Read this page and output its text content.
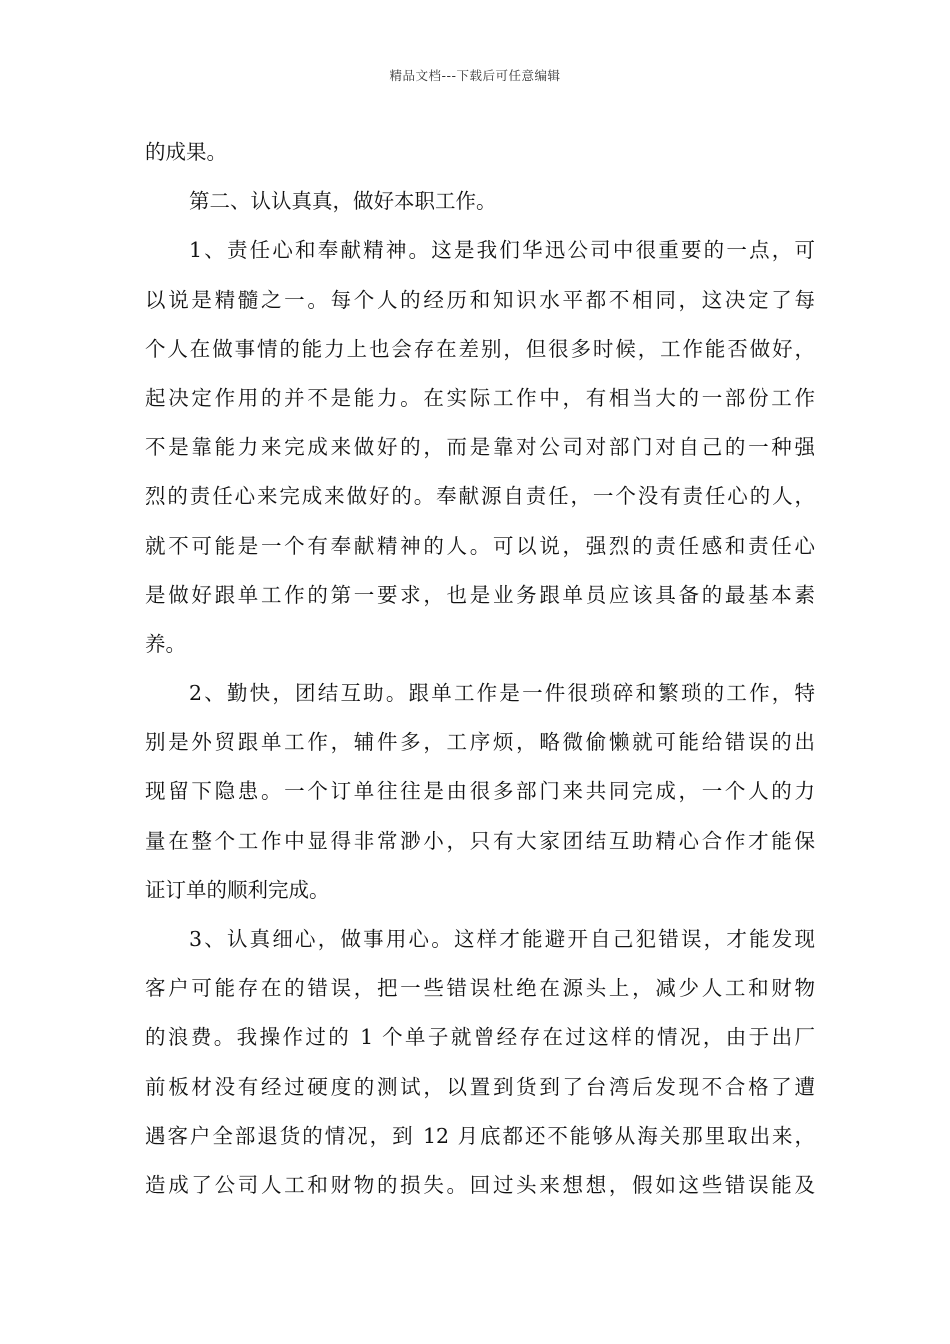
精品文档---下载后可任意编辑
的成果。
第二、认认真真，做好本职工作。
1、责任心和奉献精神。这是我们华迅公司中很重要的一点，可
以说是精髓之一。每个人的经历和知识水平都不相同，这决定了每
个人在做事情的能力上也会存在差别，但很多时候，工作能否做好，
起决定作用的并不是能力。在实际工作中，有相当大的一部份工作
不是靠能力来完成来做好的，而是靠对公司对部门对自己的一种强
烈的责任心来完成来做好的。奉献源自责任，一个没有责任心的人，
就不可能是一个有奉献精神的人。可以说，强烈的责任感和责任心
是做好跟单工作的第一要求，也是业务跟单员应该具备的最基本素
养。
2、勤快，团结互助。跟单工作是一件很琐碎和繁琐的工作，特
别是外贸跟单工作，辅件多，工序烦，略微偷懒就可能给错误的出
现留下隐患。一个订单往往是由很多部门来共同完成，一个人的力
量在整个工作中显得非常渺小，只有大家团结互助精心合作才能保
证订单的顺利完成。
3、认真细心，做事用心。这样才能避开自己犯错误，才能发现
客户可能存在的错误，把一些错误杜绝在源头上，减少人工和财物
的浪费。我操作过的 1 个单子就曾经存在过这样的情况，由于出厂
前板材没有经过硬度的测试，以置到货到了台湾后发现不合格了遭
遇客户全部退货的情况，到 12 月底都还不能够从海关那里取出来，
造成了公司人工和财物的损失。回过头来想想，假如这些错误能及
